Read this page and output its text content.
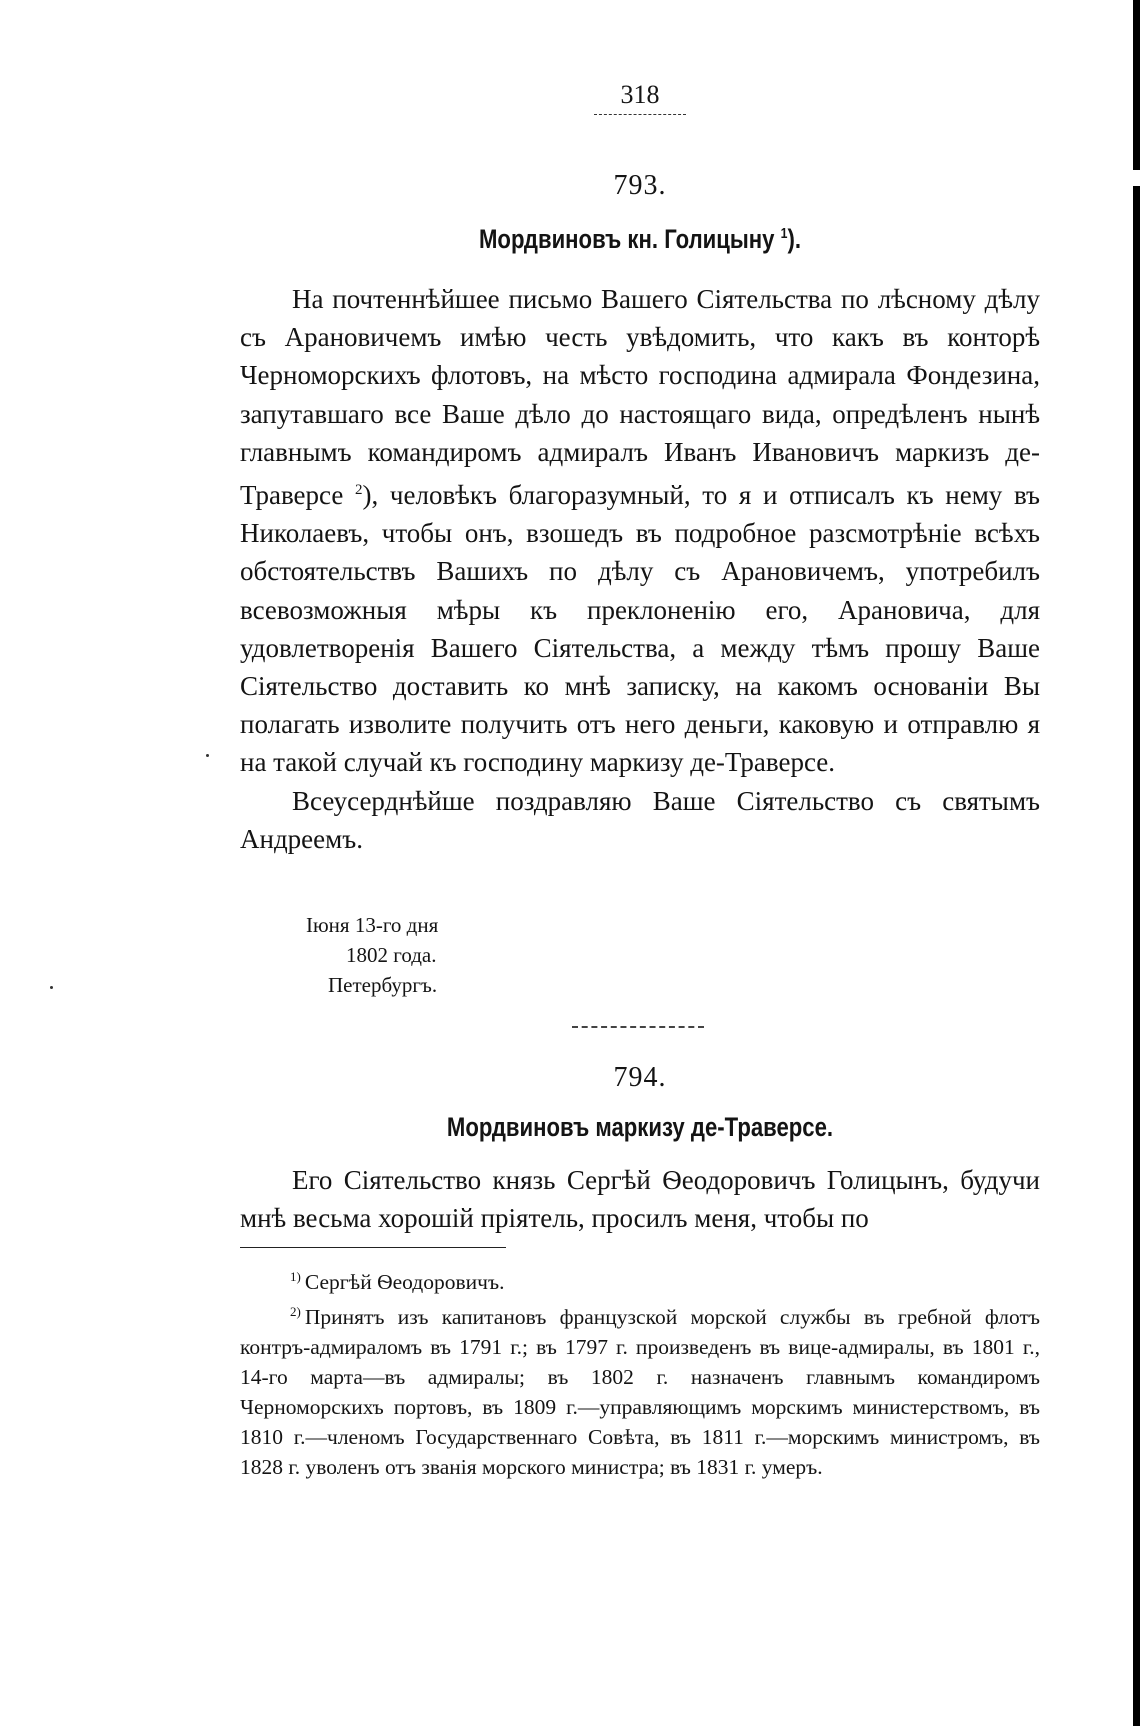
318
793.
Мордвиновъ кн. Голицыну $^1$).

На почтеннѣйшее письмо Вашего Сіятельства по лѣсному дѣлу съ Арановичемъ имѣю честь увѣдомить, что какъ въ конторѣ Черноморскихъ флотовъ, на мѣсто господина адмирала Фондезина, запутавшаго все Ваше дѣло до настоящаго вида, опредѣленъ нынѣ главнымъ командиромъ адмиралъ Иванъ Ивановичъ маркизъ де-Траверсе $^2$), человѣкъ благоразумный, то я и отписалъ къ нему въ Николаевъ, чтобы онъ, взошедъ въ подробное разсмотрѣніе всѣхъ обстоятельствъ Вашихъ по дѣлу съ Арановичемъ, употребилъ всевозможныя мѣры къ преклоненію его, Арановича, для удовлетворенія Вашего Сіятельства, а между тѣмъ прошу Ваше Сіятельство доставить ко мнѣ записку, на какомъ основаніи Вы полагать изволите получить отъ него деньги, каковую и отправлю я на такой случай къ господину маркизу де-Траверсе.

Всеусерднѣйше поздравляю Ваше Сіятельство съ святымъ Андреемъ.

Іюня 13-го дня
1802 года.
Петербургъ.
794.
Мордвиновъ маркизу де-Траверсе.

Его Сіятельство князь Сергѣй Ѳеодоровичъ Голицынъ, будучи мнѣ весьма хорошій пріятель, просилъ меня, чтобы по

$^{1)}$ Сергѣй Ѳеодоровичъ.

$^{2)}$ Принятъ изъ капитановъ французской морской службы въ гребной флотъ контръ-адмираломъ въ 1791 г.; въ 1797 г. произведенъ въ вице-адмиралы, въ 1801 г., 14-го марта—въ адмиралы; въ 1802 г. назначенъ главнымъ командиромъ Черноморскихъ портовъ, въ 1809 г.—управляющимъ морскимъ министерствомъ, въ 1810 г.—членомъ Государственнаго Совѣта, въ 1811 г.—морскимъ министромъ, въ 1828 г. уволенъ отъ званія морского министра; въ 1831 г. умеръ.
